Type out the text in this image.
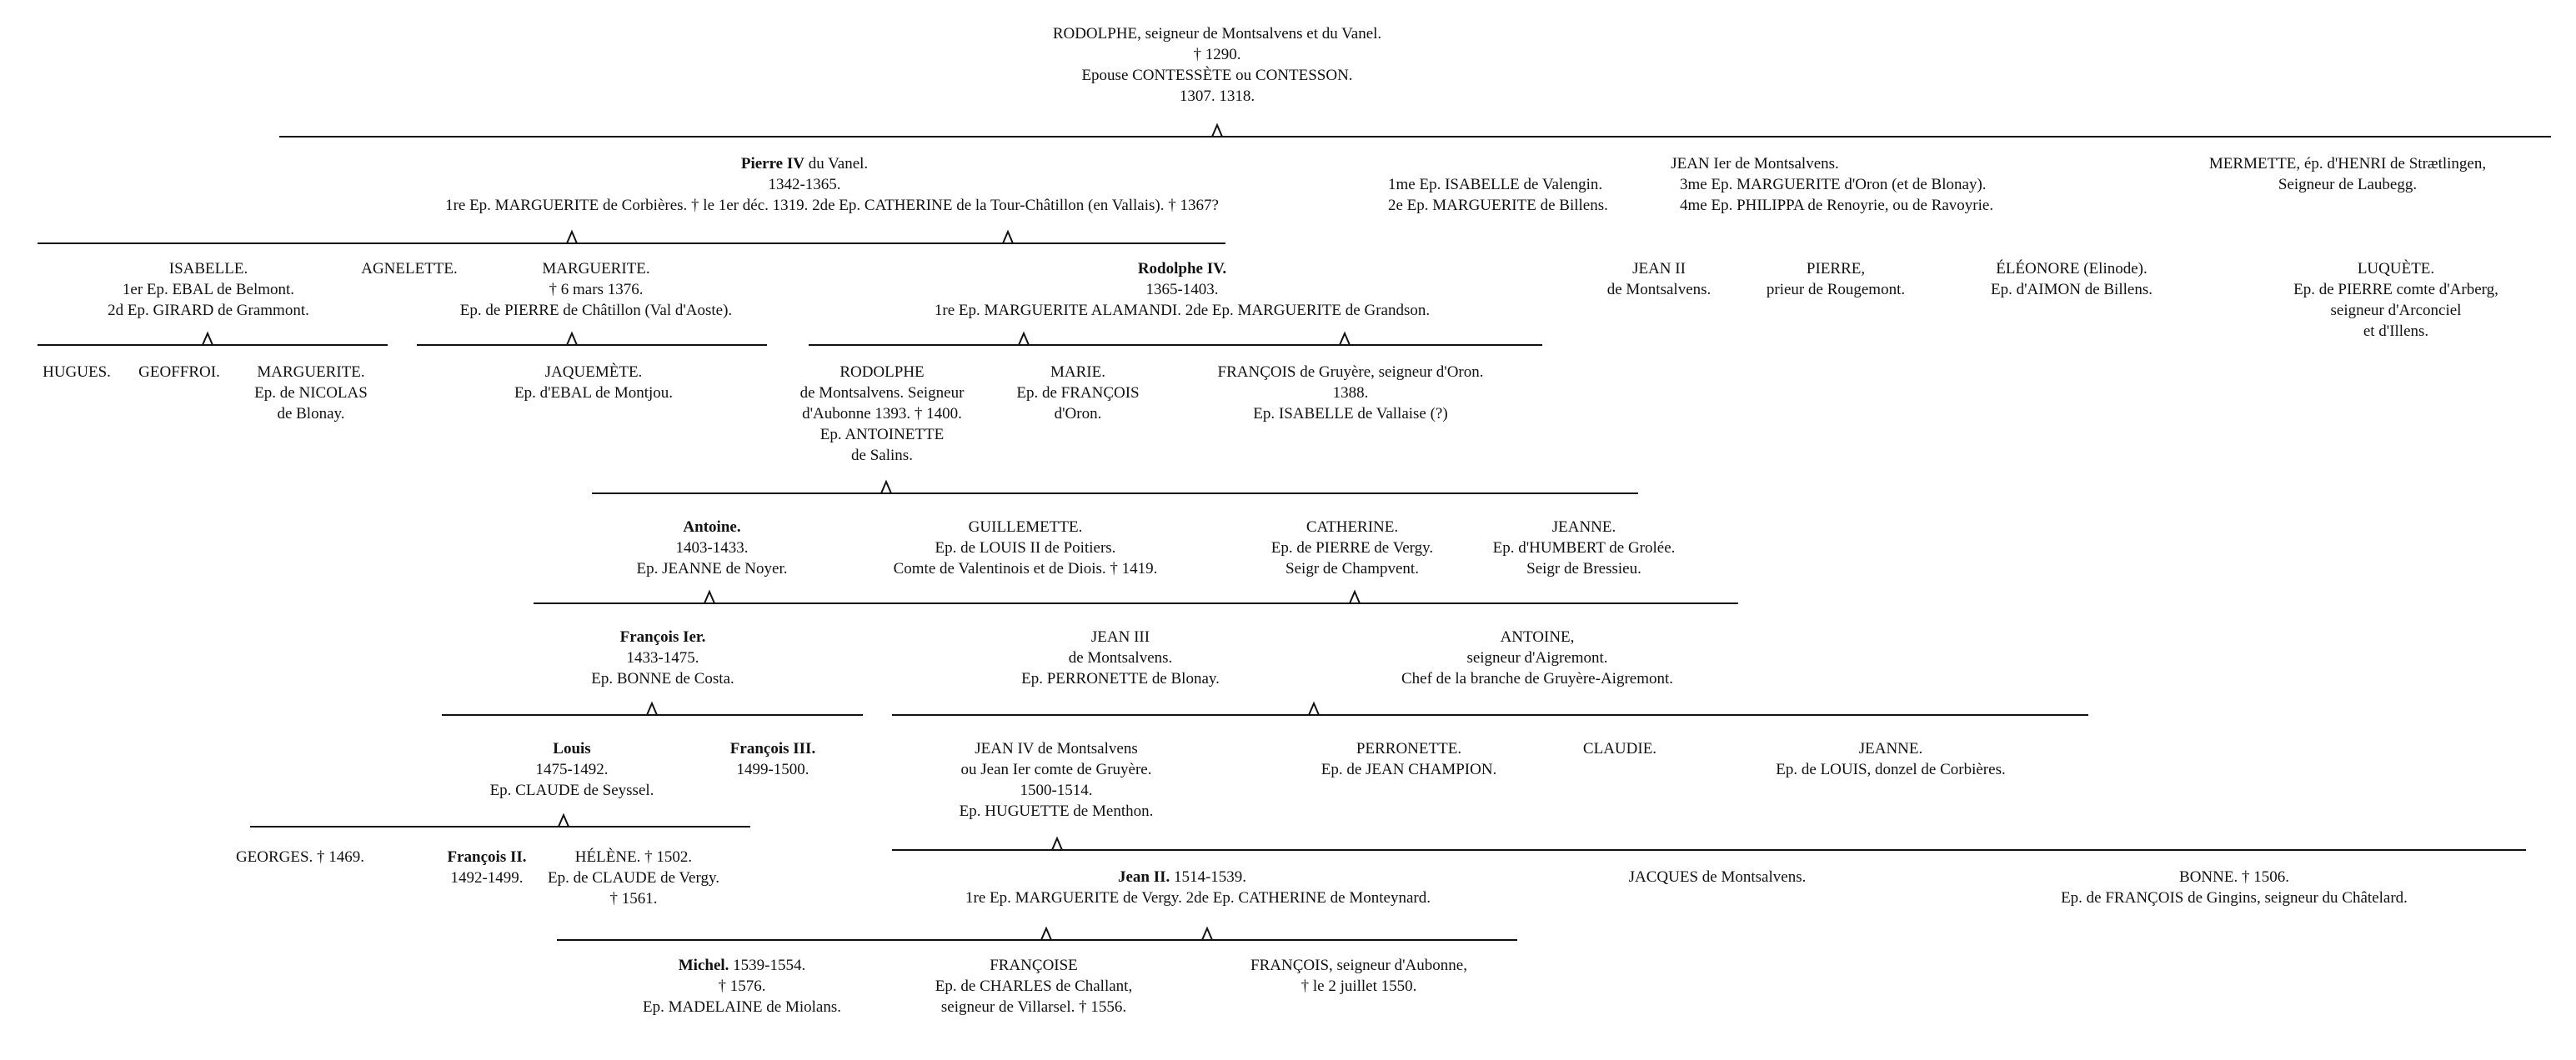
RODOLPHE, seigneur de Montsalvens et du Vanel.
† 1290.
Epouse CONTESSÈTE ou CONTESSON.
1307. 1318.
Pierre IV du Vanel.
1342-1365.
1re Ep. MARGUERITE de Corbières. † le 1er déc. 1319. 2de Ep. CATHERINE de la Tour-Châtillon (en Vallais). † 1367?
JEAN Ier de Montsalvens.
1me Ep. ISABELLE de Valengin.
2e Ep. MARGUERITE de Billens.
3me Ep. MARGUERITE d'Oron (et de Blonay).
4me Ep. PHILIPPA de Renoyrie, ou de Ravoyrie.
MERMETTE, ép. d'HENRI de Strætlingen,
Seigneur de Laubegg.
ISABELLE.
1er Ep. EBAL de Belmont.
2d Ep. GIRARD de Grammont.
AGNELETTE.	MARGUERITE.
† 6 mars 1376.
Ep. de PIERRE de Châtillon (Val d'Aoste).
Rodolphe IV.
1365-1403.
1re Ep. MARGUERITE ALAMANDI. 2de Ep. MARGUERITE de Grandson.
JEAN II
de Montsalvens.
PIERRE,
prieur de Rougemont.
ÉLÉONORE (Elinode).
Ep. d'AIMON de Billens.
LUQUÈTE.
Ep. de PIERRE comte d'Arberg,
seigneur d'Arconciel
et d'Illens.
HUGUES. GEOFFROI. MARGUERITE.
Ep. de NICOLAS
de Blonay.
JAQUEMÈTE.
Ep. d'EBAL de Montjou.
RODOLPHE
de Montsalvens. Seigneur
d'Aubonne 1393. † 1400.
Ep. ANTOINETTE
de Salins.
MARIE.
Ep. de FRANÇOIS
d'Oron.
FRANÇOIS de Gruyère, seigneur d'Oron.
1388.
Ep. ISABELLE de Vallaise (?)
Antoine.
1403-1433.
Ep. JEANNE de Noyer.
GUILLEMETTE.
Ep. de LOUIS II de Poitiers.
Comte de Valentinois et de Diois. † 1419.
CATHERINE.
Ep. de PIERRE de Vergy.
Seigr de Champvent.
JEANNE.
Ep. d'HUMBERT de Grolée.
Seigr de Bressieu.
François Ier.
1433-1475.
Ep. BONNE de Costa.
JEAN III
de Montsalvens.
Ep. PERRONETTE de Blonay.
ANTOINE,
seigneur d'Aigremont.
Chef de la branche de Gruyère-Aigremont.
Louis
1475-1492.
Ep. CLAUDE de Seyssel.
François III.
1499-1500.
JEAN IV de Montsalvens
ou Jean Ier comte de Gruyère.
1500-1514.
Ep. HUGUETTE de Menthon.
PERRONETTE.
Ep. de JEAN CHAMPION.
CLAUDIE.	JEANNE.
Ep. de LOUIS, donzel de Corbières.
GEORGES. † 1469.	François II.
1492-1499.
HÉLÈNE. † 1502.
Ep. de CLAUDE de Vergy.
† 1561.
Jean II. 1514-1539.
1re Ep. MARGUERITE de Vergy. 2de Ep. CATHERINE de Monteynard.
JACQUES de Montsalvens.	BONNE. † 1506.
Ep. de FRANÇOIS de Gingins, seigneur du Châtelard.
Michel. 1539-1554.
† 1576.
Ep. MADELAINE de Miolans.
FRANÇOISE
Ep. de CHARLES de Challant,
seigneur de Villarsel. † 1556.
FRANÇOIS, seigneur d'Aubonne,
† le 2 juillet 1550.
